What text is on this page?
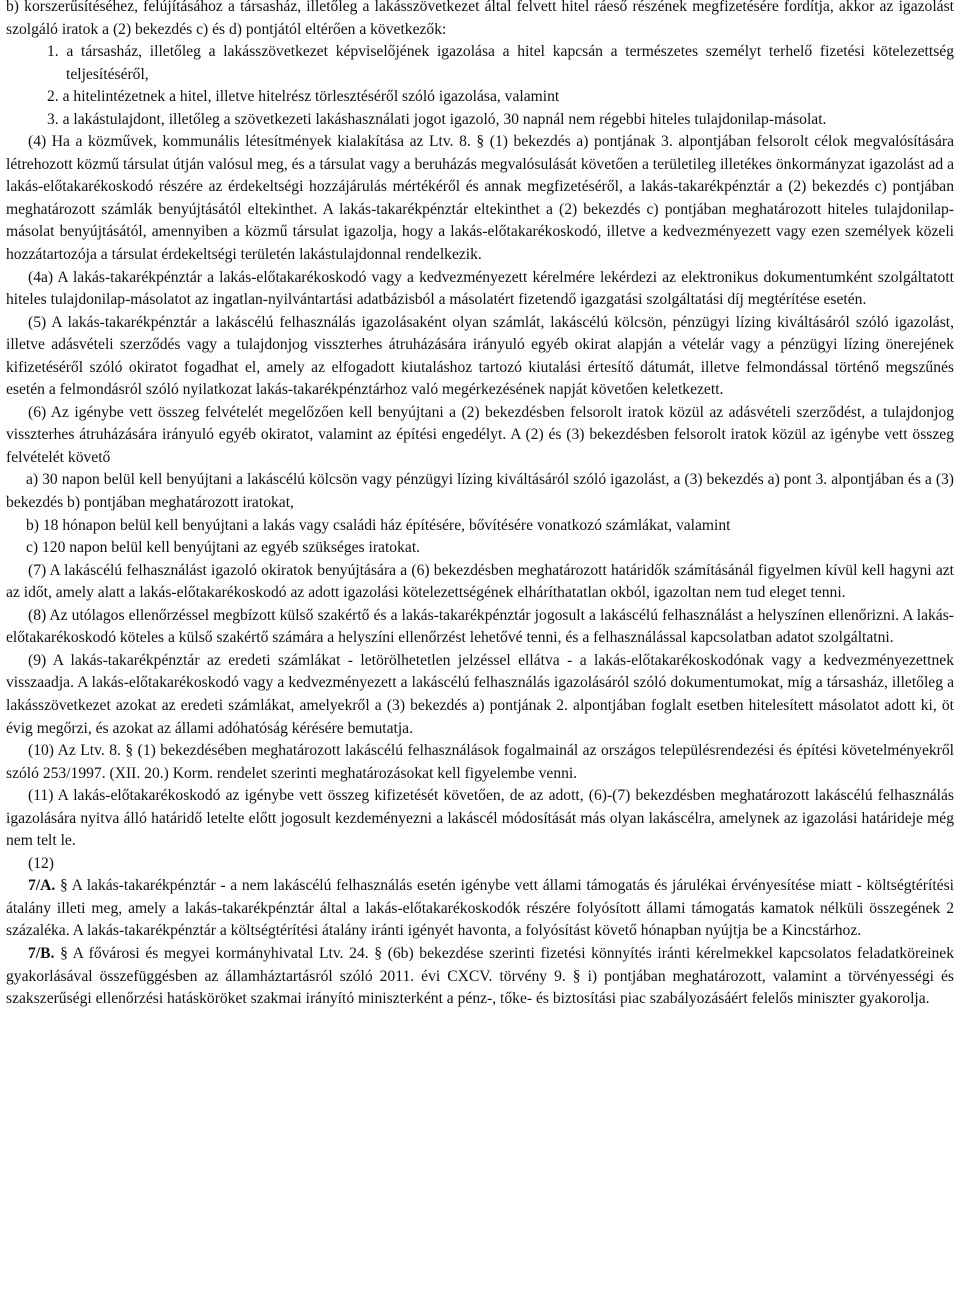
b) korszerűsítéséhez, felújításához a társasház, illetőleg a lakásszövetkezet által felvett hitel ráeső részének megfizetésére fordítja, akkor az igazolást szolgáló iratok a (2) bekezdés c) és d) pontjától eltérően a következők:

1. a társasház, illetőleg a lakásszövetkezet képviselőjének igazolása a hitel kapcsán a természetes személyt terhelő fizetési kötelezettség teljesítéséről,

2. a hitelintézetnek a hitel, illetve hitelrész törlesztéséről szóló igazolása, valamint

3. a lakástulajdont, illetőleg a szövetkezeti lakáshasználati jogot igazoló, 30 napnál nem régebbi hiteles tulajdonilap-másolat.

(4) Ha a közművek, kommunális létesítmények kialakítása az Ltv. 8. § (1) bekezdés a) pontjának 3. alpontjában felsorolt célok megvalósítására létrehozott közmű társulat útján valósul meg, és a társulat vagy a beruházás megvalósulását követően a területileg illetékes önkormányzat igazolást ad a lakás-előtakarékoskodó részére az érdekeltségi hozzájárulás mértékéről és annak megfizetéséről, a lakás-takarékpénztár a (2) bekezdés c) pontjában meghatározott számlák benyújtásától eltekinthet. A lakás-takarékpénztár eltekinthet a (2) bekezdés c) pontjában meghatározott hiteles tulajdonilap-másolat benyújtásától, amennyiben a közmű társulat igazolja, hogy a lakás-előtakarékoskodó, illetve a kedvezményezett vagy ezen személyek közeli hozzátartozója a társulat érdekeltségi területén lakástulajdonnal rendelkezik.

(4a) A lakás-takarékpénztár a lakás-előtakarékoskodó vagy a kedvezményezett kérelmére lekérdezi az elektronikus dokumentumként szolgáltatott hiteles tulajdonilap-másolatot az ingatlan-nyilvántartási adatbázisból a másolatért fizetendő igazgatási szolgáltatási díj megtérítése esetén.

(5) A lakás-takarékpénztár a lakáscélú felhasználás igazolásaként olyan számlát, lakáscélú kölcsön, pénzügyi lízing kiváltásáról szóló igazolást, illetve adásvételi szerződés vagy a tulajdonjog visszterhes átruházására irányuló egyéb okirat alapján a vételár vagy a pénzügyi lízing önerejének kifizetéséről szóló okiratot fogadhat el, amely az elfogadott kiutaláshoz tartozó kiutalási értesítő dátumát, illetve felmondással történő megszűnés esetén a felmondásról szóló nyilatkozat lakás-takarékpénztárhoz való megérkezésének napját követően keletkezett.

(6) Az igénybe vett összeg felvételét megelőzően kell benyújtani a (2) bekezdésben felsorolt iratok közül az adásvételi szerződést, a tulajdonjog visszterhes átruházására irányuló egyéb okiratot, valamint az építési engedélyt. A (2) és (3) bekezdésben felsorolt iratok közül az igénybe vett összeg felvételét követő

a) 30 napon belül kell benyújtani a lakáscélú kölcsön vagy pénzügyi lízing kiváltásáról szóló igazolást, a (3) bekezdés a) pont 3. alpontjában és a (3) bekezdés b) pontjában meghatározott iratokat,

b) 18 hónapon belül kell benyújtani a lakás vagy családi ház építésére, bővítésére vonatkozó számlákat, valamint

c) 120 napon belül kell benyújtani az egyéb szükséges iratokat.

(7) A lakáscélú felhasználást igazoló okiratok benyújtására a (6) bekezdésben meghatározott határidők számításánál figyelmen kívül kell hagyni azt az időt, amely alatt a lakás-előtakarékoskodó az adott igazolási kötelezettségének elháríthatatlan okból, igazoltan nem tud eleget tenni.

(8) Az utólagos ellenőrzéssel megbízott külső szakértő és a lakás-takarékpénztár jogosult a lakáscélú felhasználást a helyszínen ellenőrizni. A lakás-előtakarékoskodó köteles a külső szakértő számára a helyszíni ellenőrzést lehetővé tenni, és a felhasználással kapcsolatban adatot szolgáltatni.

(9) A lakás-takarékpénztár az eredeti számlákat - letörölhetetlen jelzéssel ellátva - a lakás-előtakarékoskodónak vagy a kedvezményezettnek visszaadja. A lakás-előtakarékoskodó vagy a kedvezményezett a lakáscélú felhasználás igazolásáról szóló dokumentumokat, míg a társasház, illetőleg a lakásszövetkezet azokat az eredeti számlákat, amelyekről a (3) bekezdés a) pontjának 2. alpontjában foglalt esetben hitelesített másolatot adott ki, öt évig megőrzi, és azokat az állami adóhatóság kérésére bemutatja.

(10) Az Ltv. 8. § (1) bekezdésében meghatározott lakáscélú felhasználások fogalmainál az országos településrendezési és építési követelményekről szóló 253/1997. (XII. 20.) Korm. rendelet szerinti meghatározásokat kell figyelembe venni.

(11) A lakás-előtakarékoskodó az igénybe vett összeg kifizetését követően, de az adott, (6)-(7) bekezdésben meghatározott lakáscélú felhasználás igazolására nyitva álló határidő letelte előtt jogosult kezdeményezni a lakáscél módosítását más olyan lakáscélra, amelynek az igazolási határideje még nem telt le.

(12)

7/A. § A lakás-takarékpénztár - a nem lakáscélú felhasználás esetén igénybe vett állami támogatás és járulékai érvényesítése miatt - költségtérítési átalány illeti meg, amely a lakás-takarékpénztár által a lakás-előtakarékoskodók részére folyósított állami támogatás kamatok nélküli összegének 2 százaléka. A lakás-takarékpénztár a költségtérítési átalány iránti igényét havonta, a folyósítást követő hónapban nyújtja be a Kincstárhoz.

7/B. § A fővárosi és megyei kormányhivatal Ltv. 24. § (6b) bekezdése szerinti fizetési könnyítés iránti kérelmekkel kapcsolatos feladatköreinek gyakorlásával összefüggésben az államháztartásról szóló 2011. évi CXCV. törvény 9. § i) pontjában meghatározott, valamint a törvényességi és szakszerűségi ellenőrzési hatásköröket szakmai irányító miniszterként a pénz-, tőke- és biztosítási piac szabályozásáért felelős miniszter gyakorolja.
